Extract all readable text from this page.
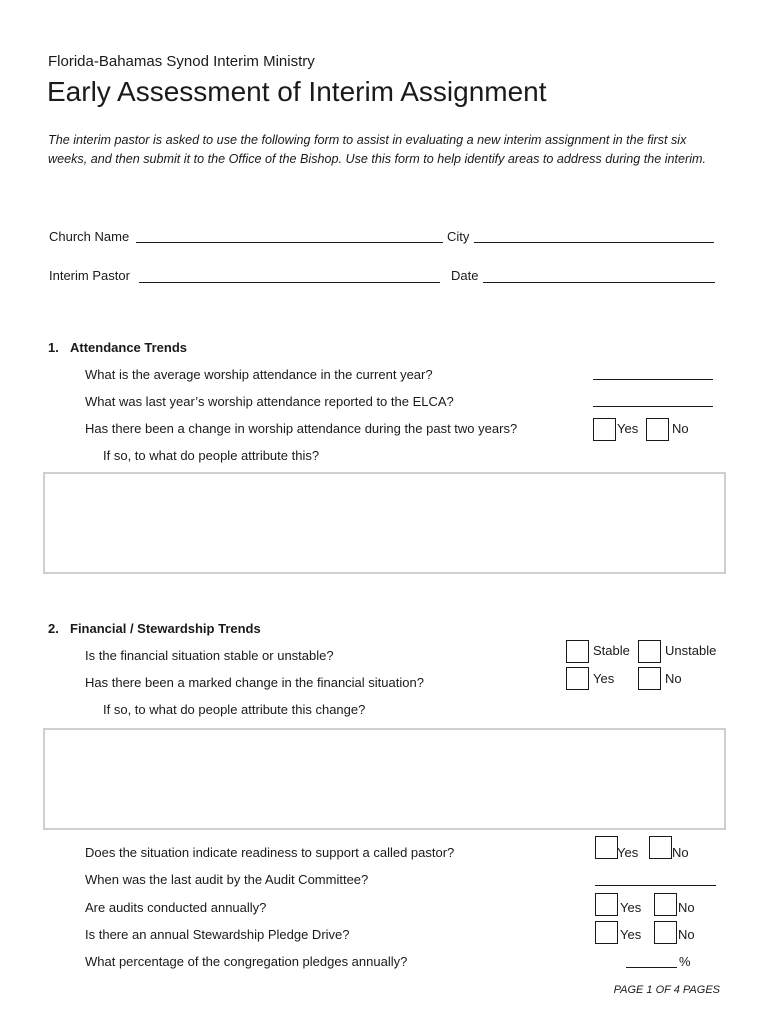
Florida-Bahamas Synod Interim Ministry
Early Assessment of Interim Assignment
The interim pastor is asked to use the following form to assist in evaluating a new interim assignment in the first six weeks, and then submit it to the Office of the Bishop. Use this form to help identify areas to address during the interim.
Church Name	City
Interim Pastor	Date
1. Attendance Trends
What is the average worship attendance in the current year?
What was last year’s worship attendance reported to the ELCA?
Has there been a change in worship attendance during the past two years?	Yes	No
If so, to what do people attribute this?
2. Financial / Stewardship Trends
Is the financial situation stable or unstable?	Stable	Unstable
Has there been a marked change in the financial situation?	Yes	No
If so, to what do people attribute this change?
Does the situation indicate readiness to support a called pastor?	Yes	No
When was the last audit by the Audit Committee?
Are audits conducted annually?	Yes	No
Is there an annual Stewardship Pledge Drive?	Yes	No
What percentage of the congregation pledges annually?	%
PAGE 1 OF 4 PAGES
